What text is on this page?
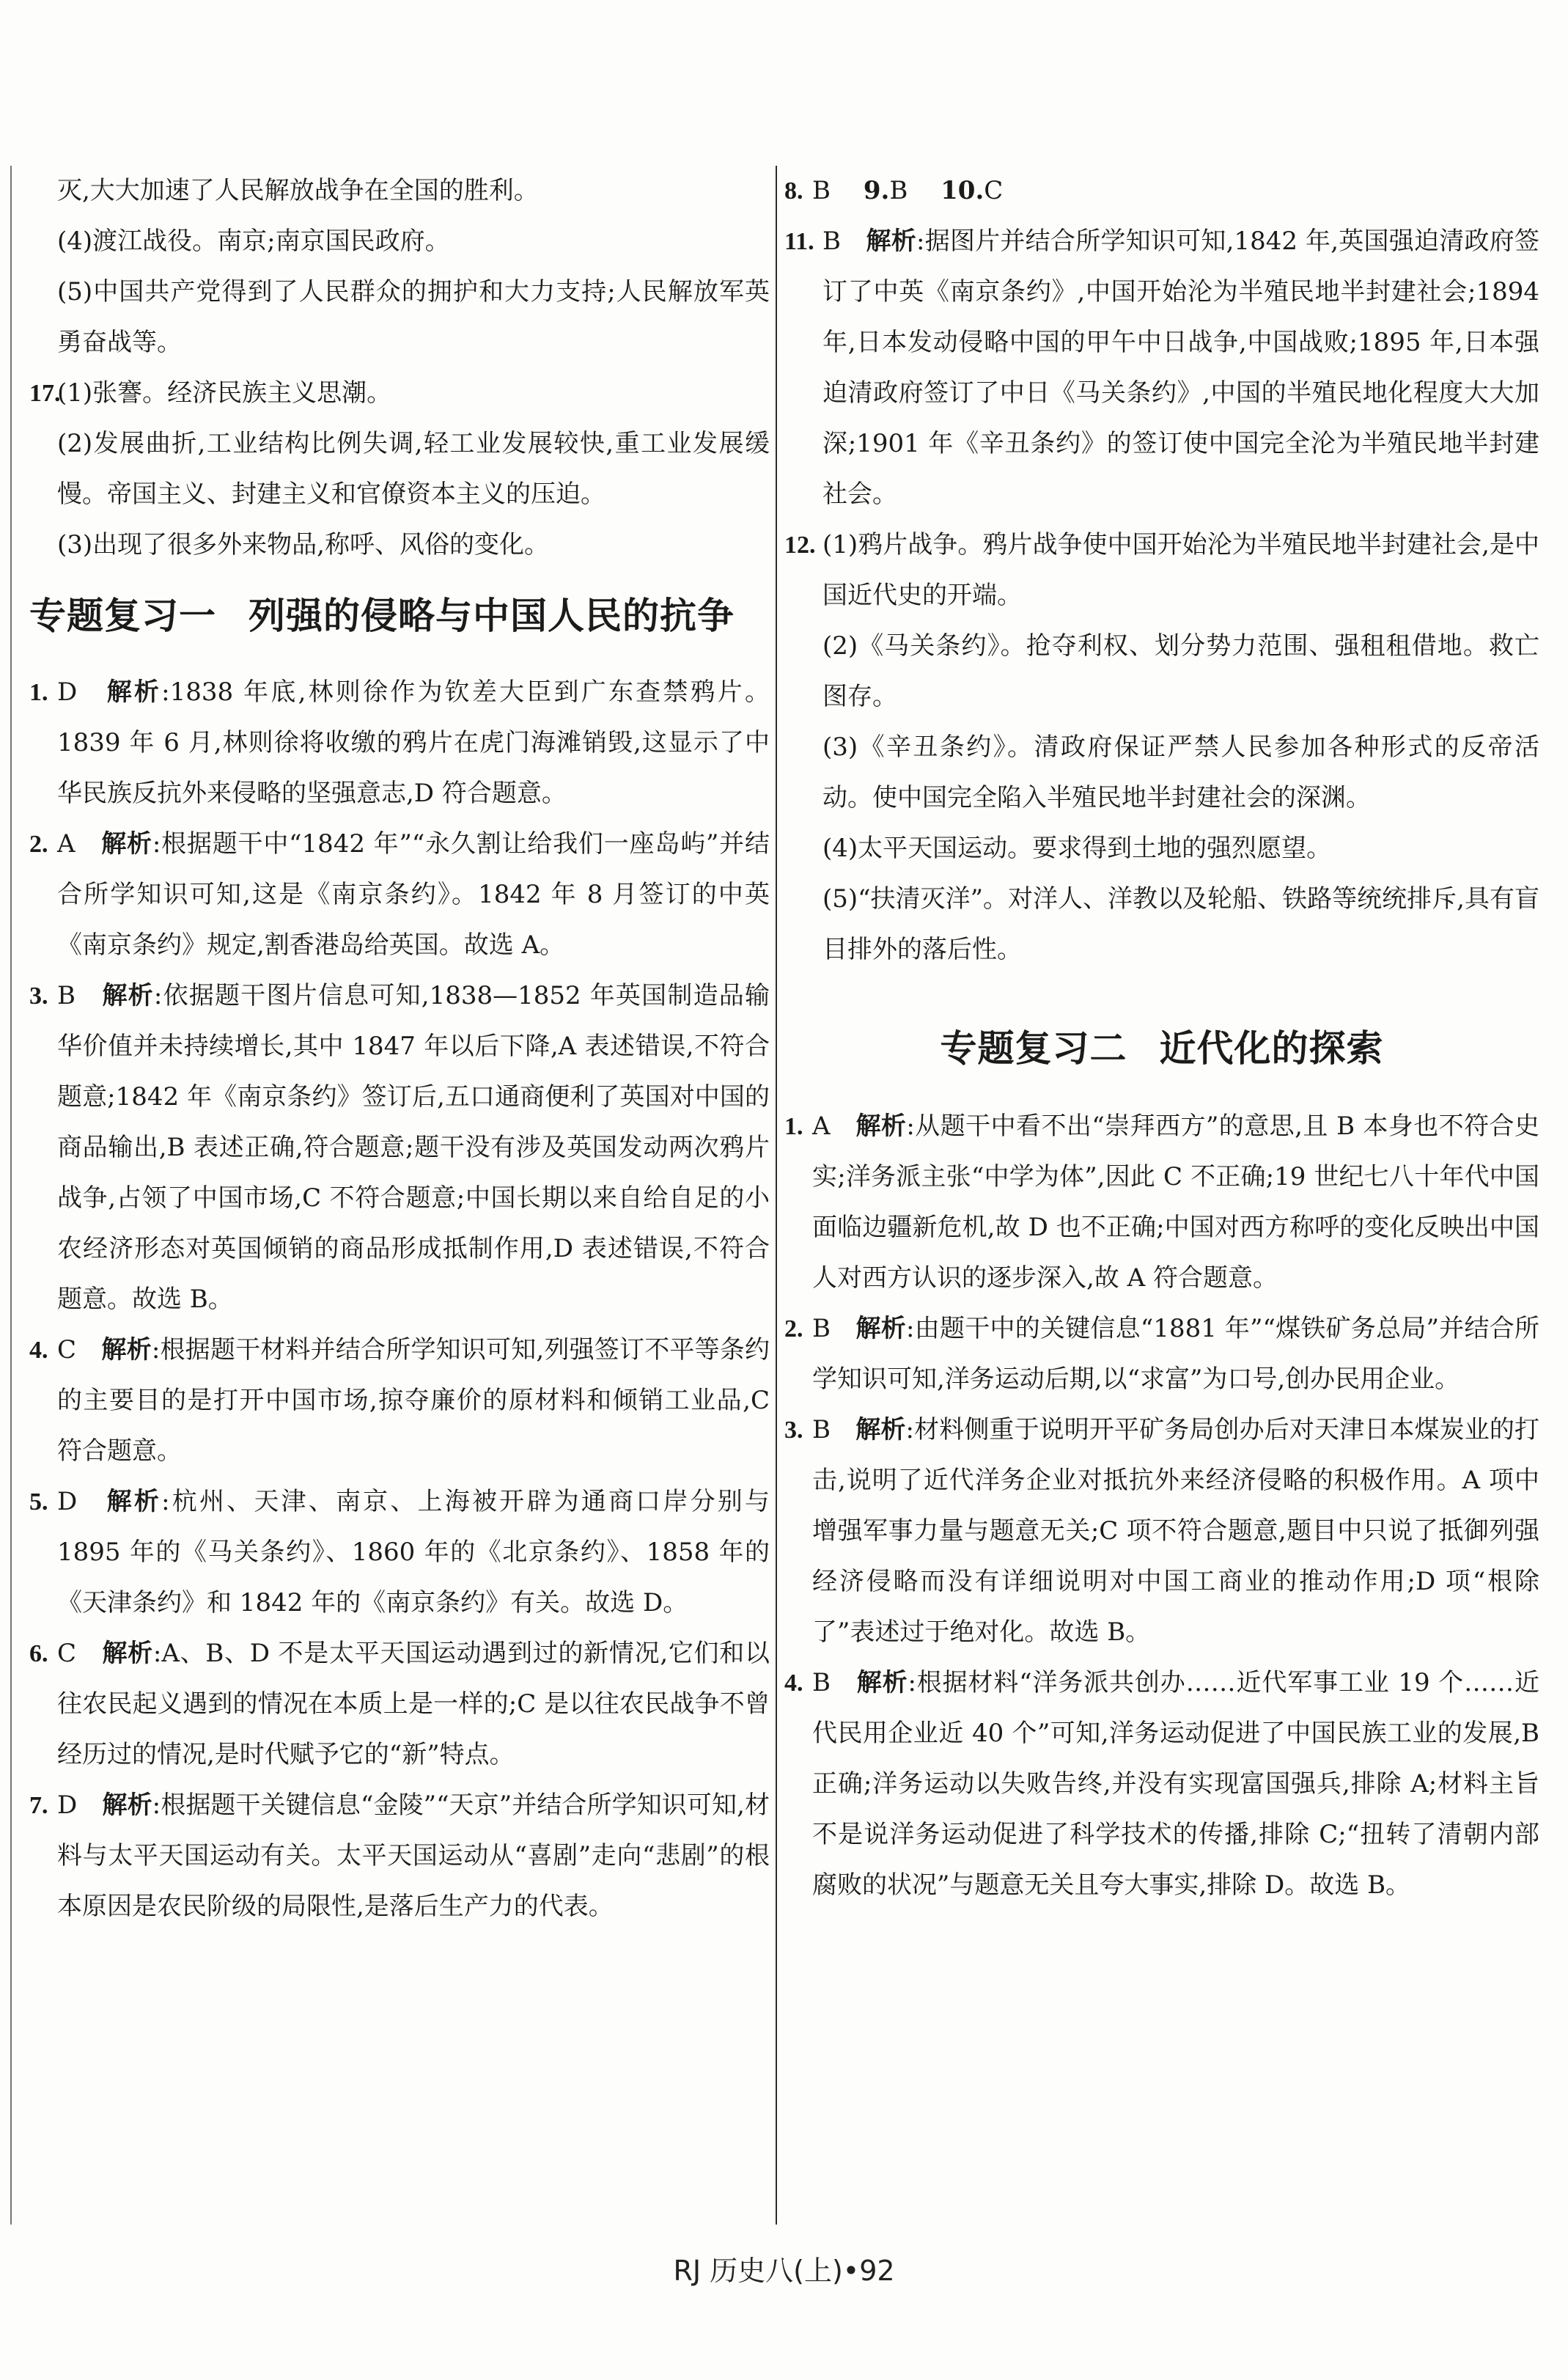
灭,大大加速了人民解放战争在全国的胜利。

(4)渡江战役。南京;南京国民政府。

(5)中国共产党得到了人民群众的拥护和大力支持;人民解放军英勇奋战等。

17.
(1)张謇。经济民族主义思潮。

(2)发展曲折,工业结构比例失调,轻工业发展较快,重工业发展缓慢。帝国主义、封建主义和官僚资本主义的压迫。

(3)出现了很多外来物品,称呼、风俗的变化。

专题复习一 列强的侵略与中国人民的抗争
1. D　 解析:1838 年底,林则徐作为钦差大臣到广东查禁鸦片。1839 年 6 月,林则徐将收缴的鸦片在虎门海滩销毁,这显示了中华民族反抗外来侵略的坚强意志,D 符合题意。
2. A　 解析:根据题干中“1842 年”“永久割让给我们一座岛屿”并结合所学知识可知,这是《南京条约》。1842 年 8 月签订的中英《南京条约》规定,割香港岛给英国。故选 A。
3. B　 解析:依据题干图片信息可知,1838—1852 年英国制造品输华价值并未持续增长,其中 1847 年以后下降,A 表述错误,不符合题意;1842 年《南京条约》签订后,五口通商便利了英国对中国的商品输出,B 表述正确,符合题意;题干没有涉及英国发动两次鸦片战争,占领了中国市场,C 不符合题意;中国长期以来自给自足的小农经济形态对英国倾销的商品形成抵制作用,D 表述错误,不符合题意。故选 B。
4. C　 解析:根据题干材料并结合所学知识可知,列强签订不平等条约的主要目的是打开中国市场,掠夺廉价的原材料和倾销工业品,C 符合题意。
5. D　 解析:杭州、天津、南京、上海被开辟为通商口岸分别与 1895 年的《马关条约》、1860 年的《北京条约》、1858 年的《天津条约》和 1842 年的《南京条约》有关。故选 D。
6. C　 解析:A、B、D 不是太平天国运动遇到过的新情况,它们和以往农民起义遇到的情况在本质上是一样的;C 是以往农民战争不曾经历过的情况,是时代赋予它的“新”特点。
7. D　 解析:根据题干关键信息“金陵”“天京”并结合所学知识可知,材料与太平天国运动有关。太平天国运动从“喜剧”走向“悲剧”的根本原因是农民阶级的局限性,是落后生产力的代表。
8. B　 9.B　 10.C
11. B　 解析:据图片并结合所学知识可知,1842 年,英国强迫清政府签订了中英《南京条约》,中国开始沦为半殖民地半封建社会;1894 年,日本发动侵略中国的甲午中日战争,中国战败;1895 年,日本强迫清政府签订了中日《马关条约》,中国的半殖民地化程度大大加深;1901 年《辛丑条约》的签订使中国完全沦为半殖民地半封建社会。
12. (1)鸦片战争。鸦片战争使中国开始沦为半殖民地半封建社会,是中国近代史的开端。

(2)《马关条约》。抢夺利权、划分势力范围、强租租借地。救亡图存。

(3)《辛丑条约》。清政府保证严禁人民参加各种形式的反帝活动。使中国完全陷入半殖民地半封建社会的深渊。

(4)太平天国运动。要求得到土地的强烈愿望。

(5)“扶清灭洋”。对洋人、洋教以及轮船、铁路等统统排斥,具有盲目排外的落后性。

专题复习二 近代化的探索
1. A　 解析:从题干中看不出“崇拜西方”的意思,且 B 本身也不符合史实;洋务派主张“中学为体”,因此 C 不正确;19 世纪七八十年代中国面临边疆新危机,故 D 也不正确;中国对西方称呼的变化反映出中国人对西方认识的逐步深入,故 A 符合题意。
2. B　 解析:由题干中的关键信息“1881 年”“煤铁矿务总局”并结合所学知识可知,洋务运动后期,以“求富”为口号,创办民用企业。
3. B　 解析:材料侧重于说明开平矿务局创办后对天津日本煤炭业的打击,说明了近代洋务企业对抵抗外来经济侵略的积极作用。A 项中增强军事力量与题意无关;C 项不符合题意,题目中只说了抵御列强经济侵略而没有详细说明对中国工商业的推动作用;D 项“根除了”表述过于绝对化。故选 B。
4. B　 解析:根据材料“洋务派共创办……近代军事工业 19 个……近代民用企业近 40 个”可知,洋务运动促进了中国民族工业的发展,B 正确;洋务运动以失败告终,并没有实现富国强兵,排除 A;材料主旨不是说洋务运动促进了科学技术的传播,排除 C;“扭转了清朝内部腐败的状况”与题意无关且夸大事实,排除 D。故选 B。
RJ 历史八(上)•92
